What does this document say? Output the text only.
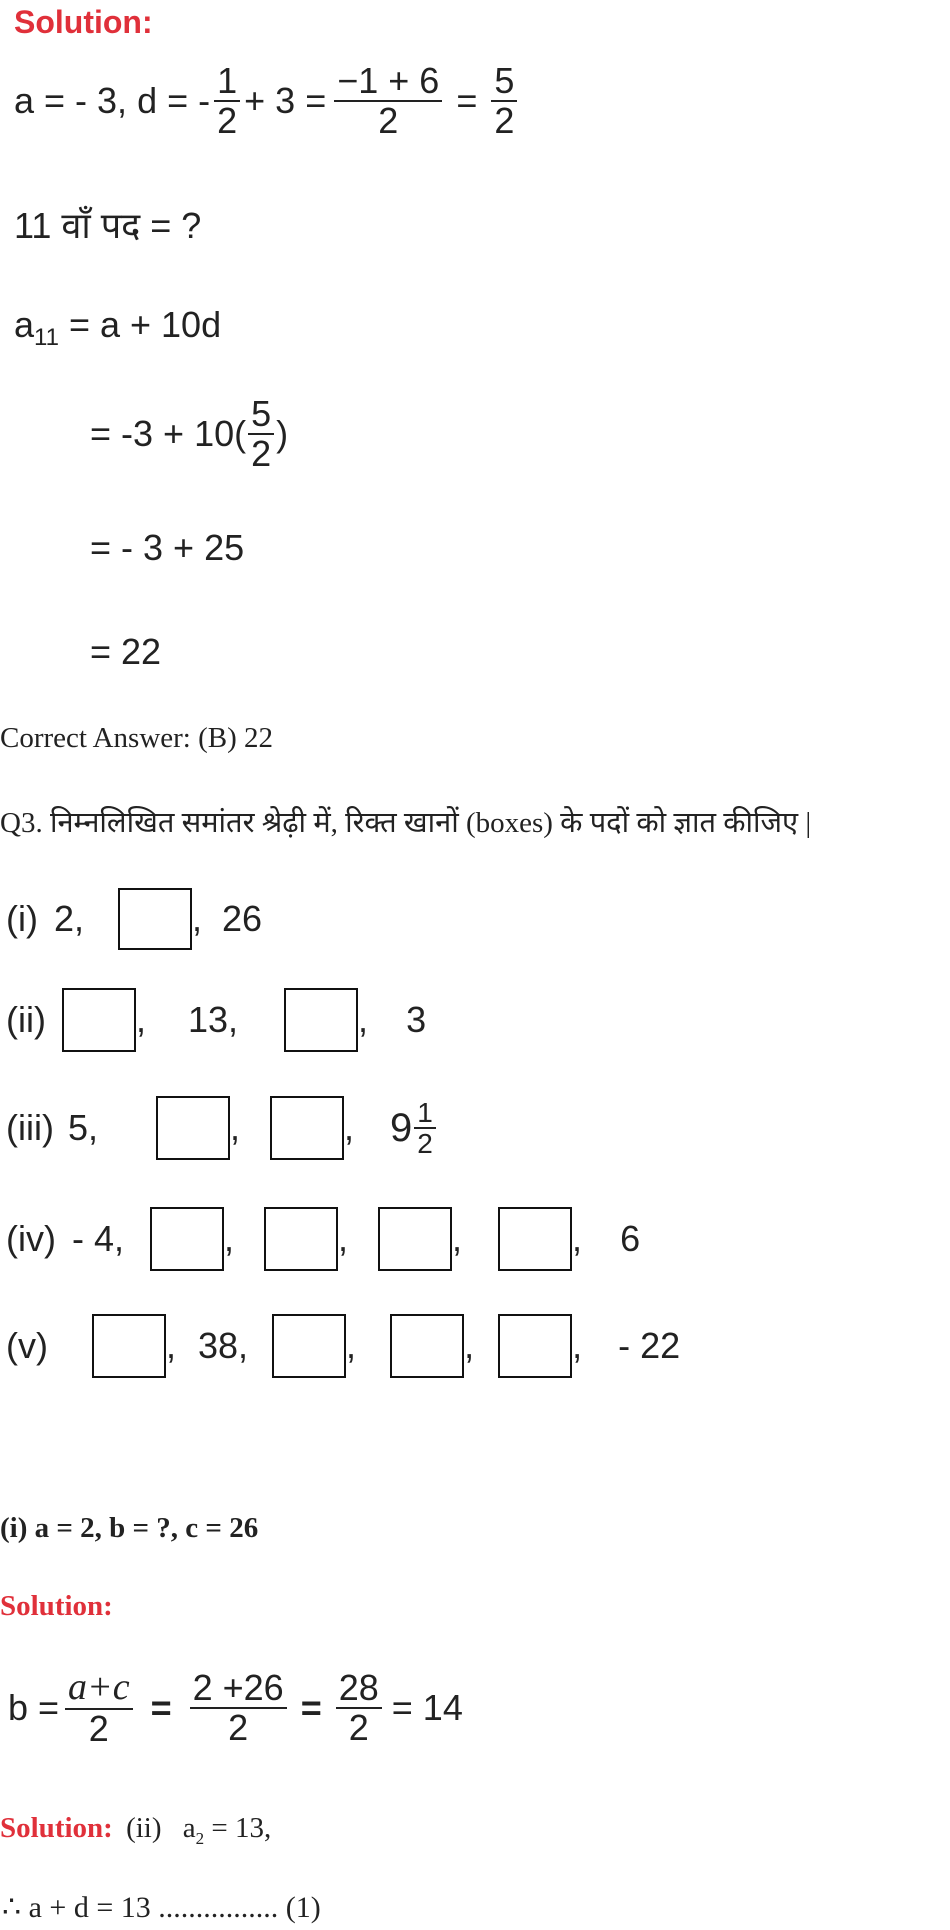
Solution:
a = - 3, d = - $\frac{1}{2} + 3 = \frac{-1 + 6}{2} = \frac{5}{2}$
11 वाँ पद = ?
$a_{11} = a + 10d$
= $-3 + 10( \frac{5}{2}$ )
= - 3 + 25
= 22
Correct Answer: (B) 22
Q3. निम्नलिखित समांतर श्रेढ़ी में, रिक्त खानों (boxes) के पदों को ज्ञात कीजिए |
(i) 2,	, 26
(ii)	, 13,	, 3
(iii) 5,	,	, $9 \frac{1}{2}$
(iv) - 4,	,	,	,	, 6
(v)	, 38,	,	,	, - 22
(i) a = 2, b = ?, c = 26
Solution:
$b = \frac{a+c}{2} = \frac{2 +26}{2} = \frac{28}{2} = 14$
Solution: (ii) $a_2 = 13$,
∴ a + d = 13 ................ (1)
